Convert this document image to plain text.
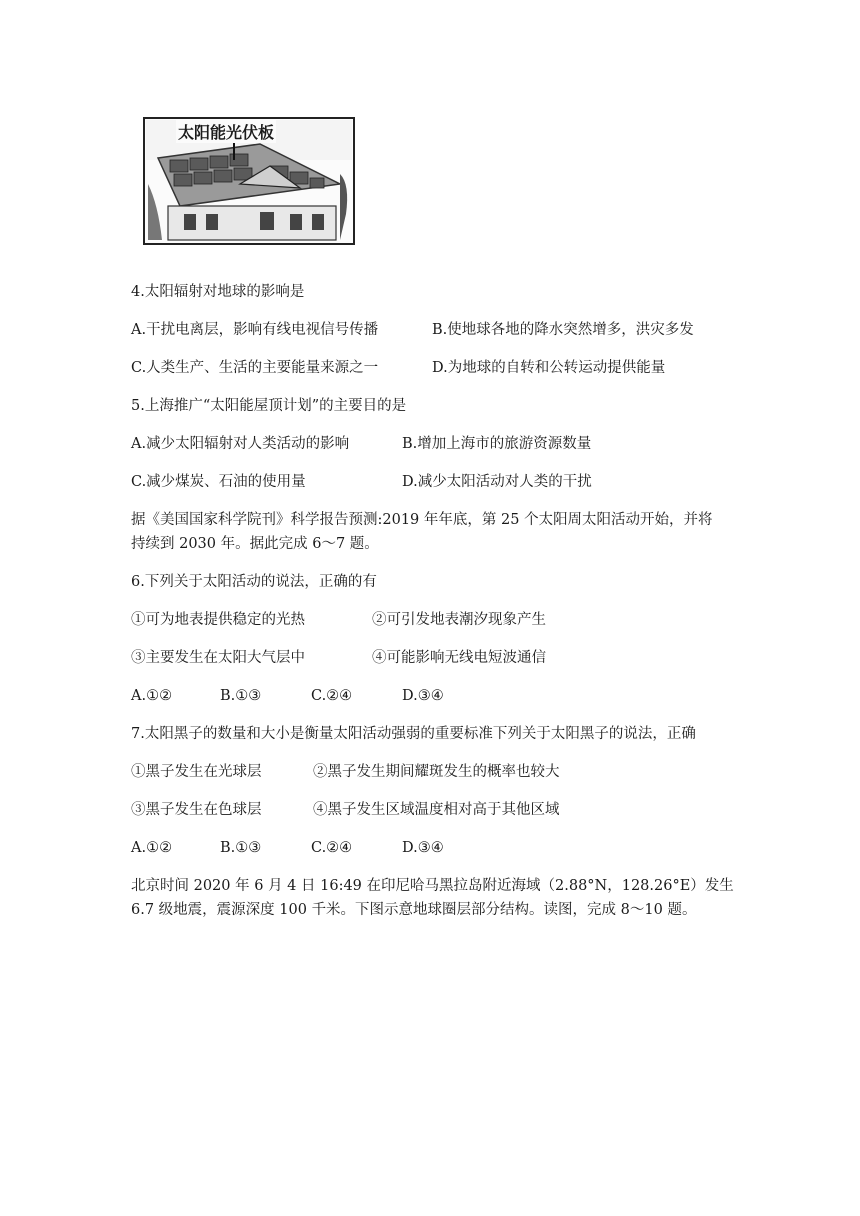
太阳能光伏板
4.太阳辐射对地球的影响是
A.干扰电离层，影响有线电视信号传播	B.使地球各地的降水突然增多，洪灾多发
C.人类生产、生活的主要能量来源之一	D.为地球的自转和公转运动提供能量
5.上海推广“太阳能屋顶计划”的主要目的是
A.减少太阳辐射对人类活动的影响	B.增加上海市的旅游资源数量
C.减少煤炭、石油的使用量	D.减少太阳活动对人类的干扰
据《美国国家科学院刊》科学报告预测:2019 年年底，第 25 个太阳周太阳活动开始，并将
持续到 2030 年。据此完成 6～7 题。
6.下列关于太阳活动的说法，正确的有
①可为地表提供稳定的光热	②可引发地表潮汐现象产生
③主要发生在太阳大气层中	④可能影响无线电短波通信
A.①②	B.①③	C.②④	D.③④
7.太阳黑子的数量和大小是衡量太阳活动强弱的重要标准下列关于太阳黑子的说法，正确
①黑子发生在光球层	②黑子发生期间耀斑发生的概率也较大
③黑子发生在色球层	④黑子发生区域温度相对高于其他区域
A.①②	B.①③	C.②④	D.③④
北京时间 2020 年 6 月 4 日 16:49 在印尼哈马黑拉岛附近海域（2.88°N，128.26°E）发生
6.7 级地震，震源深度 100 千米。下图示意地球圈层部分结构。读图，完成 8～10 题。
